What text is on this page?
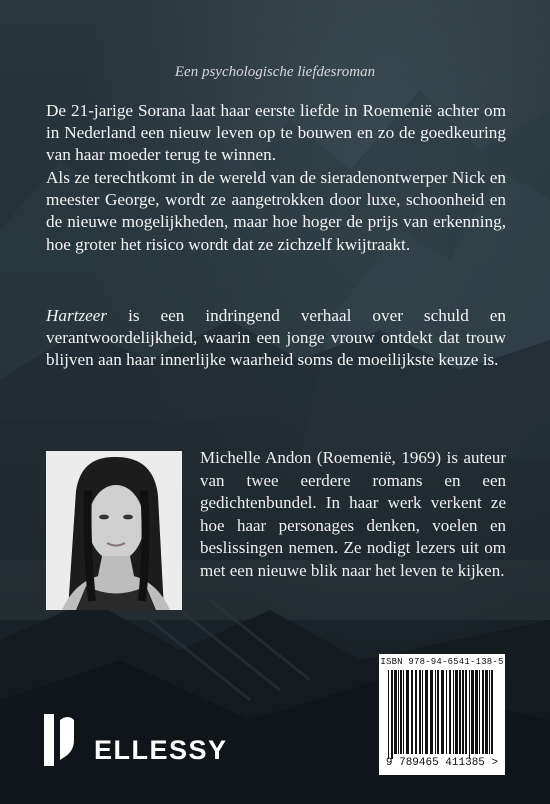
Een psychologische liefdesroman

De 21-jarige Sorana laat haar eerste liefde in Roemenië achter om in Nederland een nieuw leven op te bouwen en zo de goedkeuring van haar moeder terug te winnen.

Als ze terechtkomt in de wereld van de sieradenontwerper Nick en meester George, wordt ze aangetrokken door luxe, schoonheid en de nieuwe mogelijkheden, maar hoe hoger de prijs van erkenning, hoe groter het risico wordt dat ze zichzelf kwijtraakt.

Hartzeer is een indringend verhaal over schuld en verantwoordelijkheid, waarin een jonge vrouw ontdekt dat trouw blijven aan haar innerlijke waarheid soms de moeilijkste keuze is.

Michelle Andon (Roemenië, 1969) is auteur van twee eerdere romans en een gedichtenbundel. In haar werk verkent ze hoe haar personages denken, voelen en beslissingen nemen. Ze nodigt lezers uit om met een nieuwe blik naar het leven te kijken.

ELLESSY
ISBN 978-94-6541-138-5
9 789465 411385 >
